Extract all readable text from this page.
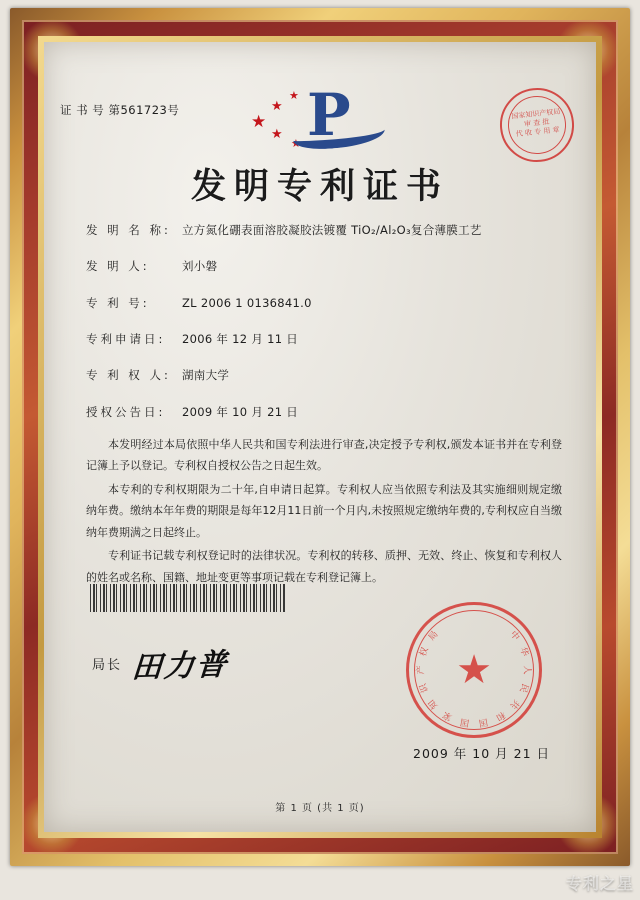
证 书 号 第561723号
★
★
★
★
★ P	国家知识产权局
审 查 批
代 收 专 用 章
发明专利证书
发 明 名 称: 立方氮化硼表面溶胶凝胶法镀覆 TiO₂/Al₂O₃复合薄膜工艺
发 明 人:	刘小磐
专 利 号:	ZL 2006 1 0136841.0
专利申请日:	2006 年 12 月 11 日
专 利 权 人: 湖南大学
授权公告日:	2009 年 10 月 21 日

本发明经过本局依照中华人民共和国专利法进行审查,决定授予专利权,颁发本证书并在专利登记簿上予以登记。专利权自授权公告之日起生效。

本专利的专利权期限为二十年,自申请日起算。专利权人应当依照专利法及其实施细则规定缴纳年费。缴纳本年年费的期限是每年12月11日前一个月内,未按照规定缴纳年费的,专利权应自当缴纳年费期满之日起终止。

专利证书记载专利权登记时的法律状况。专利权的转移、质押、无效、终止、恢复和专利权人的姓名或名称、国籍、地址变更等事项记载在专利登记簿上。

局长 田力普	★
中
华
人
民
共
和
国
国
家
知
识
产
权
局
2009 年 10 月 21 日
第 1 页 (共 1 页)
专利之星
